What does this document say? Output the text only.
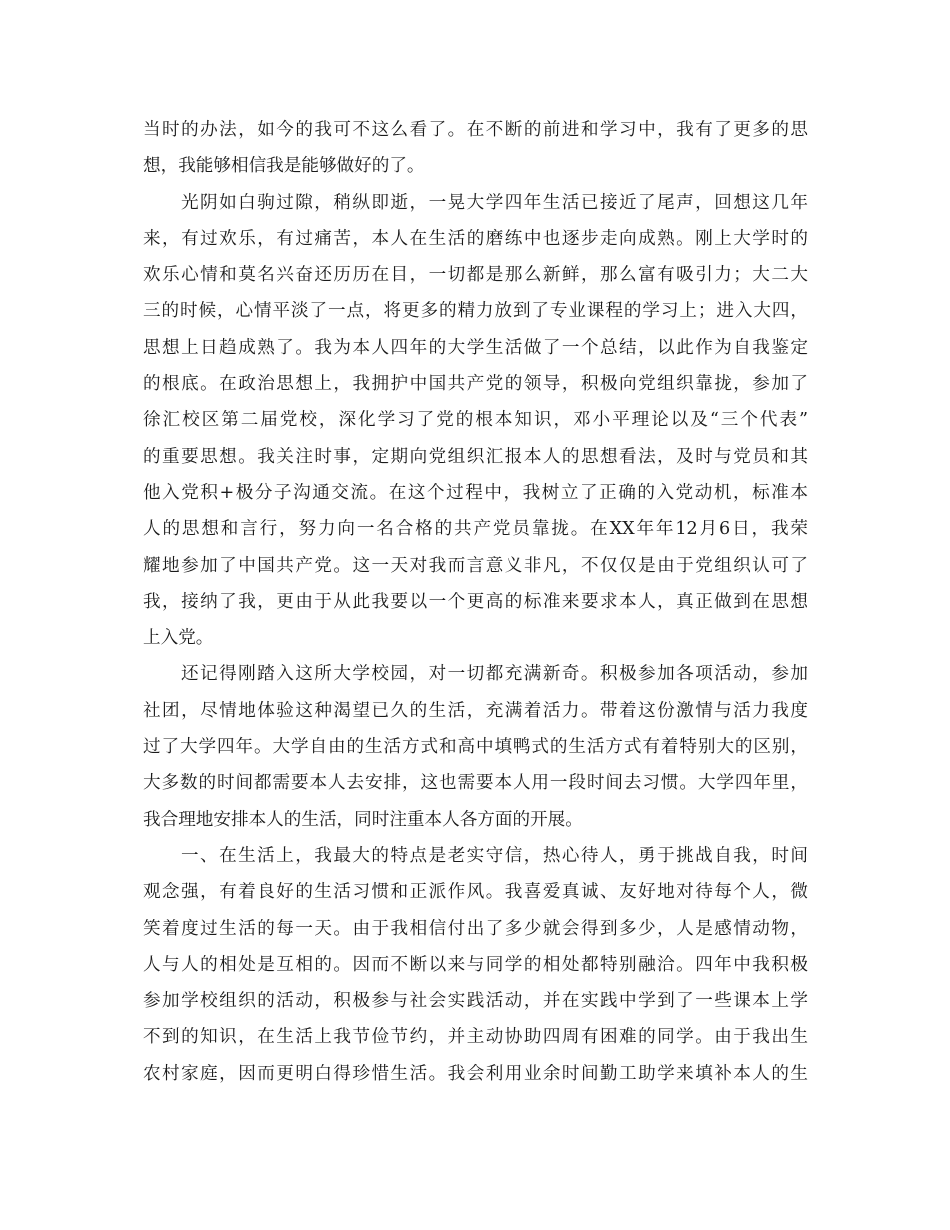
当时的办法，如今的我可不这么看了。在不断的前进和学习中，我有了更多的思
想，我能够相信我是能够做好的了。
光阴如白驹过隙，稍纵即逝，一晃大学四年生活已接近了尾声，回想这几年
来，有过欢乐，有过痛苦，本人在生活的磨练中也逐步走向成熟。刚上大学时的
欢乐心情和莫名兴奋还历历在目，一切都是那么新鲜，那么富有吸引力；大二大
三的时候，心情平淡了一点，将更多的精力放到了专业课程的学习上；进入大四，
思想上日趋成熟了。我为本人四年的大学生活做了一个总结，以此作为自我鉴定
的根底。在政治思想上，我拥护中国共产党的领导，积极向党组织靠拢，参加了
徐汇校区第二届党校，深化学习了党的根本知识，邓小平理论以及“三个代表”
的重要思想。我关注时事，定期向党组织汇报本人的思想看法，及时与党员和其
他入党积+极分子沟通交流。在这个过程中，我树立了正确的入党动机，标准本
人的思想和言行，努力向一名合格的共产党员靠拢。在XX年年12月6日，我荣
耀地参加了中国共产党。这一天对我而言意义非凡，不仅仅是由于党组织认可了
我，接纳了我，更由于从此我要以一个更高的标准来要求本人，真正做到在思想
上入党。
还记得刚踏入这所大学校园，对一切都充满新奇。积极参加各项活动，参加
社团，尽情地体验这种渴望已久的生活，充满着活力。带着这份激情与活力我度
过了大学四年。大学自由的生活方式和高中填鸭式的生活方式有着特别大的区别，
大多数的时间都需要本人去安排，这也需要本人用一段时间去习惯。大学四年里，
我合理地安排本人的生活，同时注重本人各方面的开展。
一、在生活上，我最大的特点是老实守信，热心待人，勇于挑战自我，时间
观念强，有着良好的生活习惯和正派作风。我喜爱真诚、友好地对待每个人，微
笑着度过生活的每一天。由于我相信付出了多少就会得到多少，人是感情动物，
人与人的相处是互相的。因而不断以来与同学的相处都特别融洽。四年中我积极
参加学校组织的活动，积极参与社会实践活动，并在实践中学到了一些课本上学
不到的知识，在生活上我节俭节约，并主动协助四周有困难的同学。由于我出生
农村家庭，因而更明白得珍惜生活。我会利用业余时间勤工助学来填补本人的生
